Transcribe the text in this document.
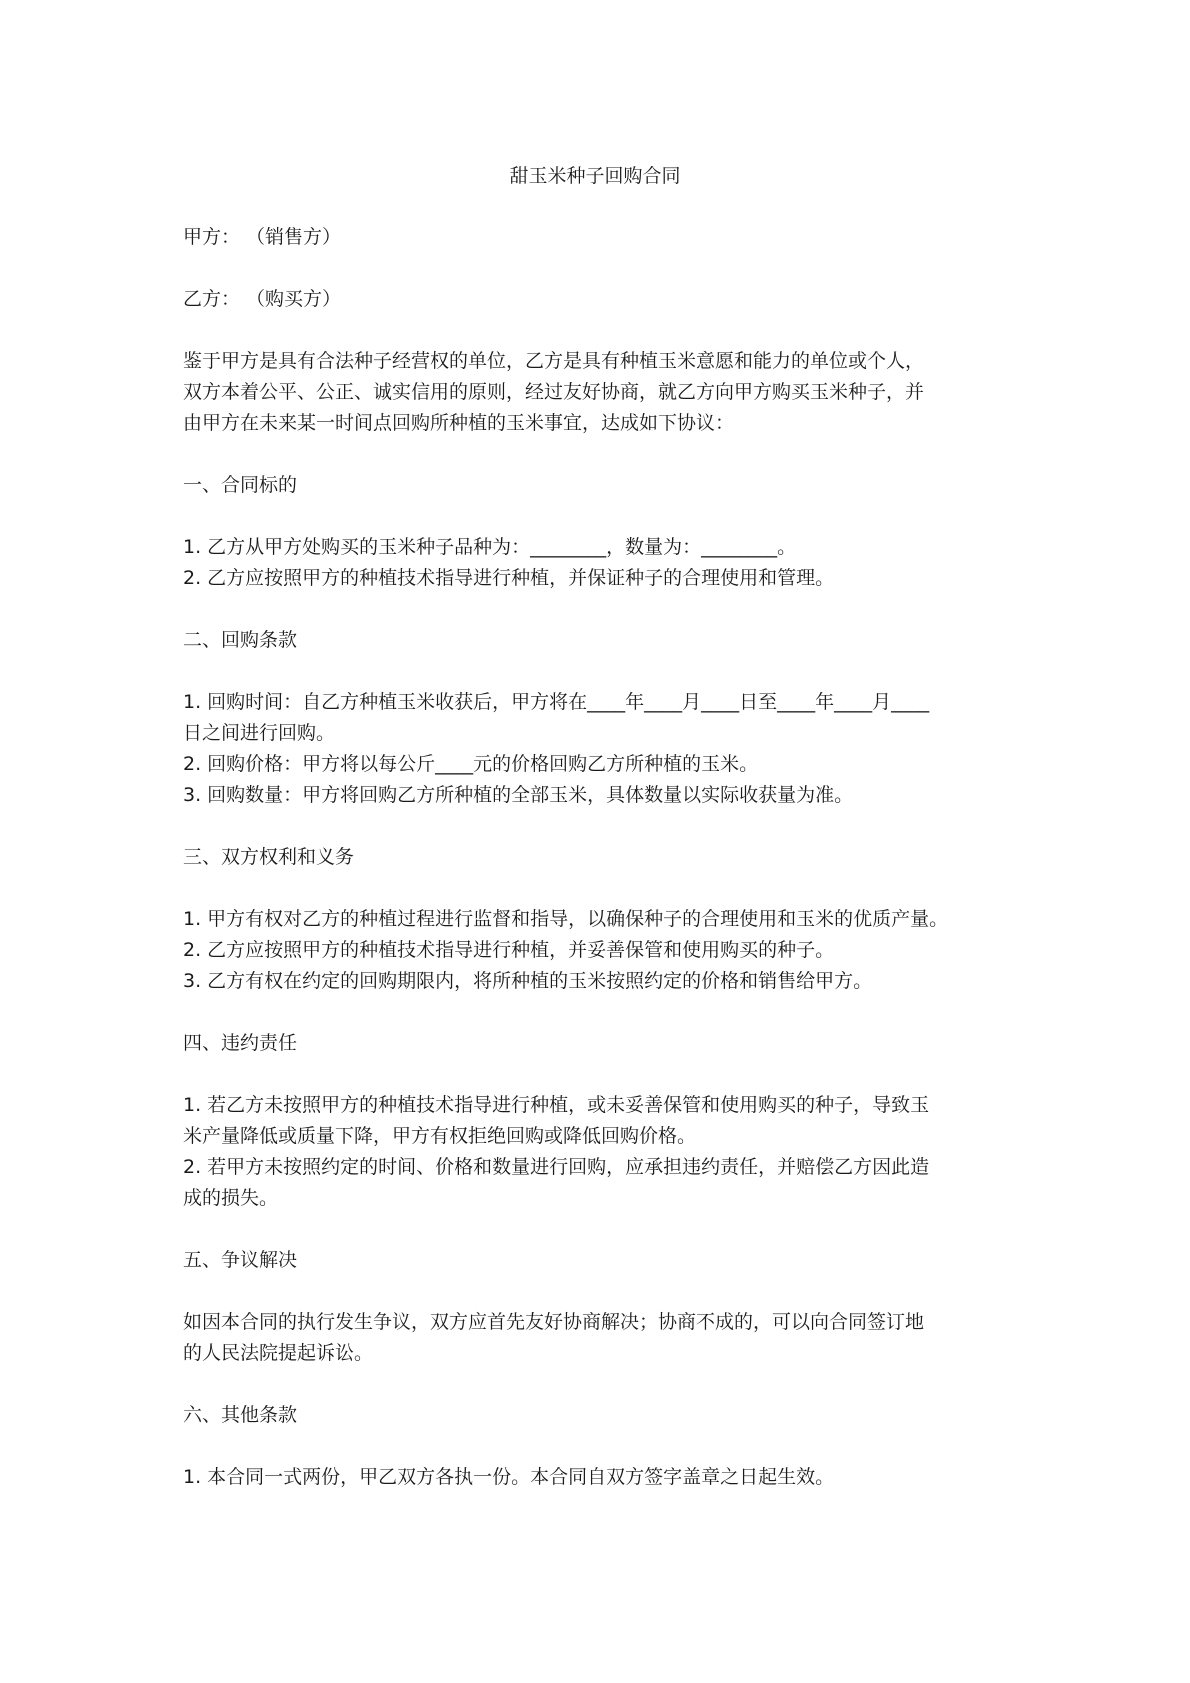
甜玉米种子回购合同
甲方： （销售方）
乙方： （购买方）
鉴于甲方是具有合法种子经营权的单位，乙方是具有种植玉米意愿和能力的单位或个人，
双方本着公平、公正、诚实信用的原则，经过友好协商，就乙方向甲方购买玉米种子，并
由甲方在未来某一时间点回购所种植的玉米事宜，达成如下协议：
一、合同标的
1. 乙方从甲方处购买的玉米种子品种为：________，数量为：________。
2. 乙方应按照甲方的种植技术指导进行种植，并保证种子的合理使用和管理。
二、回购条款
1. 回购时间：自乙方种植玉米收获后，甲方将在____年____月____日至____年____月____
日之间进行回购。
2. 回购价格：甲方将以每公斤____元的价格回购乙方所种植的玉米。
3. 回购数量：甲方将回购乙方所种植的全部玉米，具体数量以实际收获量为准。
三、双方权利和义务
1. 甲方有权对乙方的种植过程进行监督和指导，以确保种子的合理使用和玉米的优质产量。
2. 乙方应按照甲方的种植技术指导进行种植，并妥善保管和使用购买的种子。
3. 乙方有权在约定的回购期限内，将所种植的玉米按照约定的价格和销售给甲方。
四、违约责任
1. 若乙方未按照甲方的种植技术指导进行种植，或未妥善保管和使用购买的种子，导致玉
米产量降低或质量下降，甲方有权拒绝回购或降低回购价格。
2. 若甲方未按照约定的时间、价格和数量进行回购，应承担违约责任，并赔偿乙方因此造
成的损失。
五、争议解决
如因本合同的执行发生争议，双方应首先友好协商解决；协商不成的，可以向合同签订地
的人民法院提起诉讼。
六、其他条款
1. 本合同一式两份，甲乙双方各执一份。本合同自双方签字盖章之日起生效。
